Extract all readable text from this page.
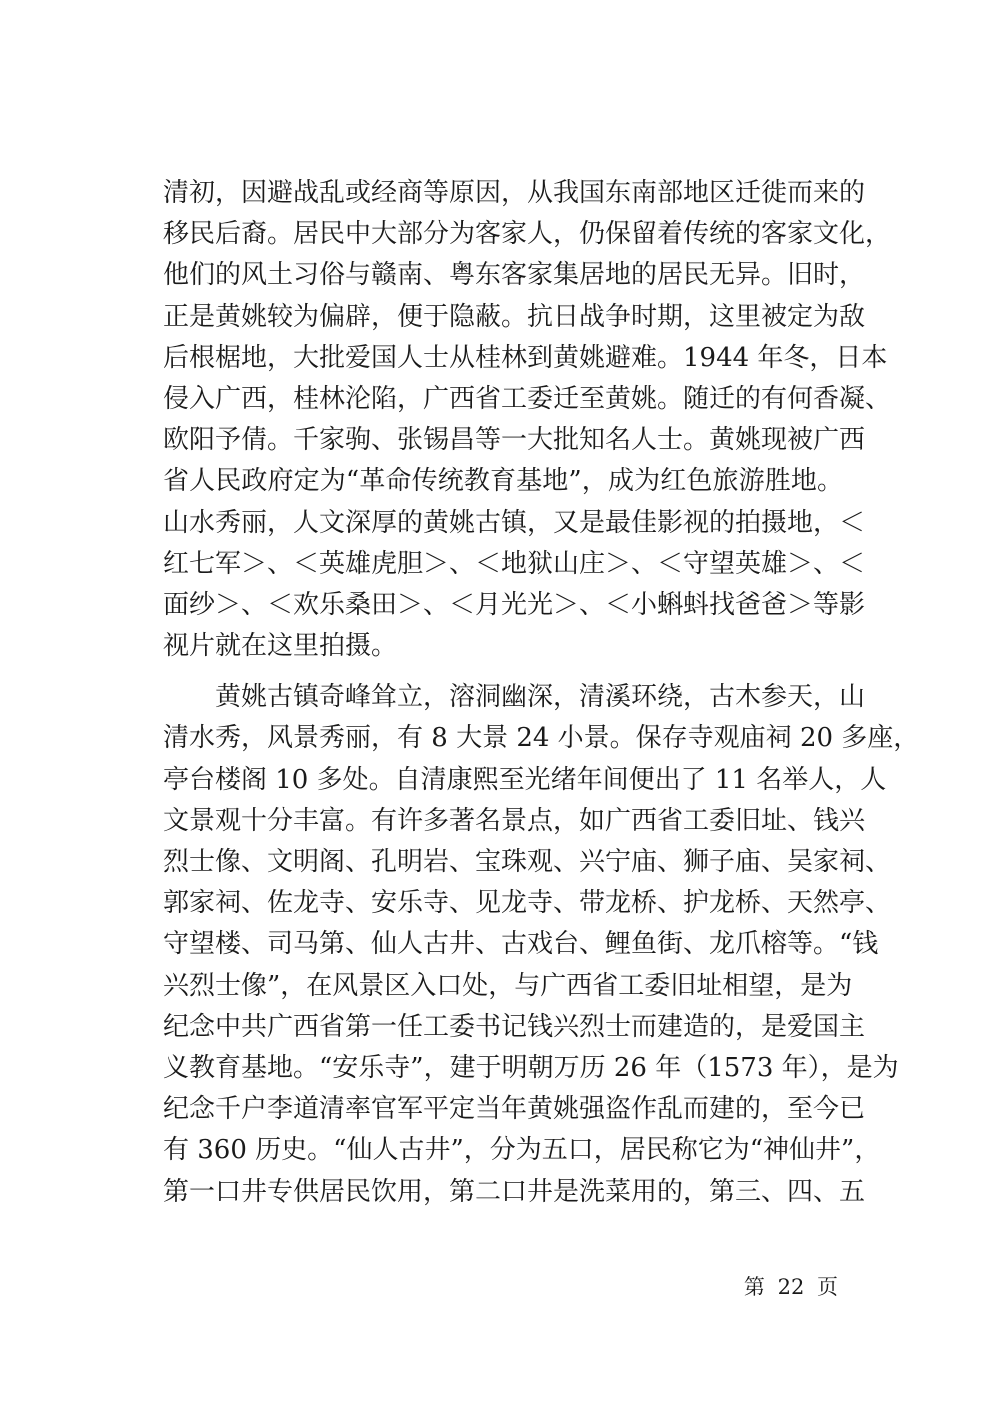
清初，因避战乱或经商等原因，从我国东南部地区迁徙而来的
移民后裔。居民中大部分为客家人，仍保留着传统的客家文化，
他们的风土习俗与赣南、粤东客家集居地的居民无异。旧时，
正是黄姚较为偏辟，便于隐蔽。抗日战争时期，这里被定为敌
后根椐地，大批爱国人士从桂林到黄姚避难。1944 年冬，日本
侵入广西，桂林沦陷，广西省工委迁至黄姚。随迁的有何香凝、
欧阳予倩。千家驹、张锡昌等一大批知名人士。黄姚现被广西
省人民政府定为“革命传统教育基地”，成为红色旅游胜地。
山水秀丽，人文深厚的黄姚古镇，又是最佳影视的拍摄地，＜
红七军＞、＜英雄虎胆＞、＜地狱山庄＞、＜守望英雄＞、＜
面纱＞、＜欢乐桑田＞、＜月光光＞、＜小蝌蚪找爸爸＞等影
视片就在这里拍摄。
　　黄姚古镇奇峰耸立，溶洞幽深，清溪环绕，古木参天，山
清水秀，风景秀丽，有 8 大景 24 小景。保存寺观庙祠 20 多座，
亭台楼阁 10 多处。自清康熙至光绪年间便出了 11 名举人，人
文景观十分丰富。有许多著名景点，如广西省工委旧址、钱兴
烈士像、文明阁、孔明岩、宝珠观、兴宁庙、狮子庙、吴家祠、
郭家祠、佐龙寺、安乐寺、见龙寺、带龙桥、护龙桥、天然亭、
守望楼、司马第、仙人古井、古戏台、鲤鱼街、龙爪榕等。“钱
兴烈士像”，在风景区入口处，与广西省工委旧址相望，是为
纪念中共广西省第一任工委书记钱兴烈士而建造的，是爱国主
义教育基地。“安乐寺”，建于明朝万历 26 年（1573 年），是为
纪念千户李道清率官军平定当年黄姚强盗作乱而建的，至今已
有 360 历史。“仙人古井”，分为五口，居民称它为“神仙井”，
第一口井专供居民饮用，第二口井是洗菜用的，第三、四、五
第 22 页
